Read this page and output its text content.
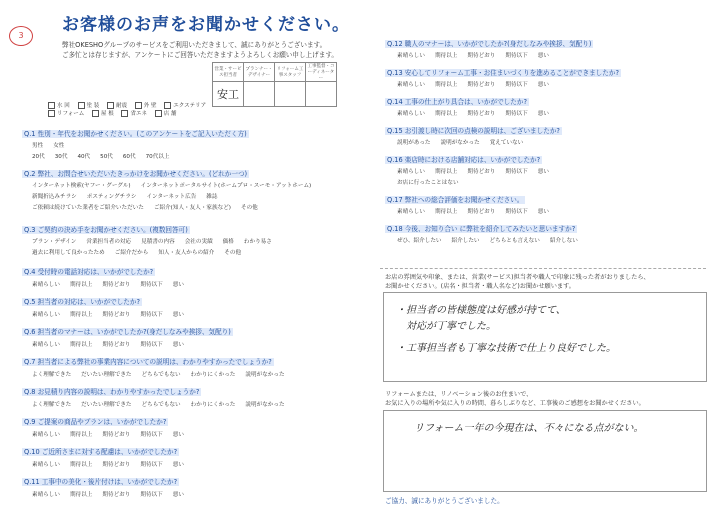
3
お客様のお声をお聞かせください。
弊社OKESHOグループのサービスをご利用いただきまして、誠にありがとうございます。
ご多忙とは存じますが、アンケートにご回答いただきますようよろしくお願い申し上げます。
営業・サービス担当者	プランナー・デザイナー	リフォーム工事スタッフ	工事監督・コーディネーター
安工			
水 回	塗 装	耐震	外 壁	エクステリア
リフォーム	屋 根	省エネ	店 舗
Q.1 性別・年代をお聞かせください。(このアンケートをご記入いただく方)
男性 女性
20代 30代 40代 50代 60代 70代以上
Q.2 弊社、お問合せいただいたきっかけをお聞かせください。(どれか一つ)
インターネット検索(ヤフー・グーグル) インターネットポータルサイト(ホームプロ・スーモ・アットホーム)
新聞折込みチラシ ポスティングチラシ インターネット広告 雑誌
ご依頼は続けていた業者をご紹介いただいた ご紹介(知人・友人・家族など) その他
Q.3 ご契約の決め手をお聞かせください。(複数回答可)
プラン・デザイン 営業担当者の対応 見積書の内容 会社の実績 価格 わかり易さ
過去に利用して良かったため ご紹介だから 知人・友人からの紹介 その他
Q.4 受付時の電話対応は、いかがでしたか?
素晴らしい 期待以上 期待どおり 期待以下 悪い
Q.5 担当者の対応は、いかがでしたか?
素晴らしい 期待以上 期待どおり 期待以下 悪い
Q.6 担当者のマナーは、いかがでしたか?(身だしなみや挨拶、気配り)
素晴らしい 期待以上 期待どおり 期待以下 悪い
Q.7 担当者による弊社の事業内容についての説明は、わかりやすかったでしょうか?
よく理解できた だいたい理解できた どちらでもない わかりにくかった 説明がなかった
Q.8 お見積り内容の説明は、わかりやすかったでしょうか?
よく理解できた だいたい理解できた どちらでもない わかりにくかった 説明がなかった
Q.9 ご提案の商品やプランは、いかがでしたか?
素晴らしい 期待以上 期待どおり 期待以下 悪い
Q.10 ご近所さまに対する配慮は、いかがでしたか?
素晴らしい 期待以上 期待どおり 期待以下 悪い
Q.11 工事中の美化・後片付けは、いかがでしたか?
素晴らしい 期待以上 期待どおり 期待以下 悪い
Q.12 職人のマナーは、いかがでしたか?(身だしなみや挨拶、気配り)
素晴らしい 期待以上 期待どおり 期待以下 悪い
Q.13 安心してリフォーム工事・お住まいづくりを進めることができましたか?
素晴らしい 期待以上 期待どおり 期待以下 悪い
Q.14 工事の仕上がり具合は、いかがでしたか?
素晴らしい 期待以上 期待どおり 期待以下 悪い
Q.15 お引渡し時に次回の点検の説明は、ございましたか?
説明があった 説明がなかった 覚えていない
Q.16 楽店時における店舗対応は、いかがでしたか?
素晴らしい 期待以上 期待どおり 期待以下 悪い
お店に行ったことはない
Q.17 弊社への総合評価をお聞かせください。
素晴らしい 期待以上 期待どおり 期待以下 悪い
Q.18 今後、お知り合い に弊社を紹介してみたいと思いますか?
ぜひ、紹介したい 紹介したい どちらとも言えない 紹介しない
お店の雰囲気や印象、または、営業(サービス)担当者や職人で印象に残った者がおりましたら、
お聞かせください。(店名・担当者・職人名など)お聞かせ願います。
・担当者の皆様態度は好感が持てて、
　対応が丁寧でした。
・工事担当者も丁寧な技術で仕上り良好でした。
リフォームまたは、リノベーション後のお住まいで、
お気に入りの場所や気に入りの時間、暮らしぶりなど、工事後のご感想をお聞かせください。
リフォーム一年の今現在は、不々になる点がない。
ご協力、誠にありがとうございました。
